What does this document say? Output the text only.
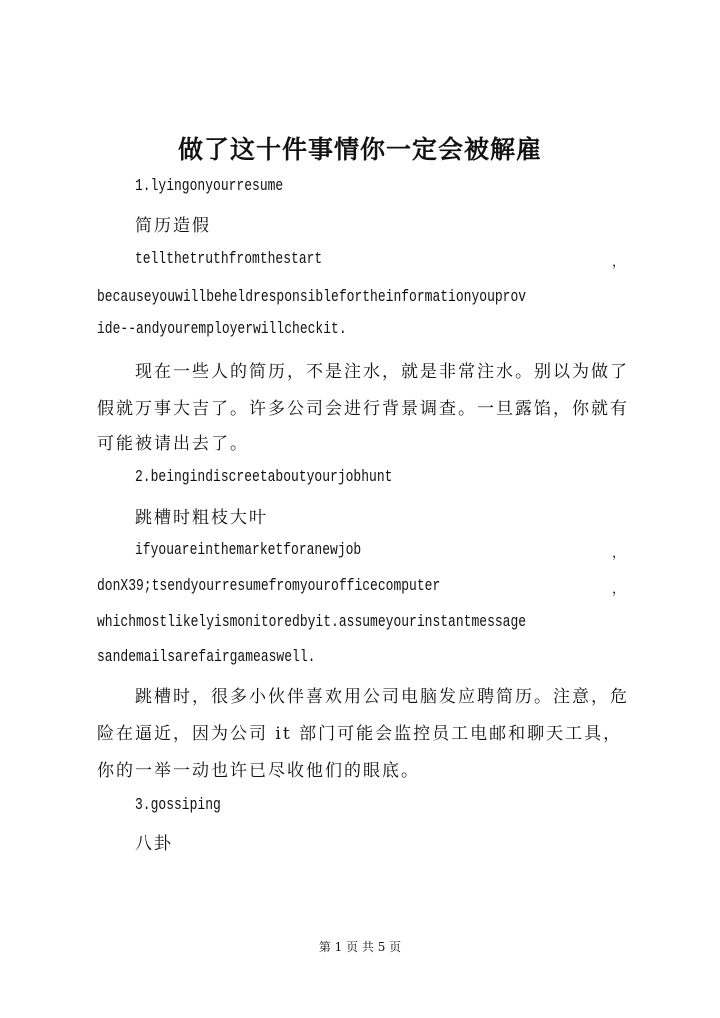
做了这十件事情你一定会被解雇
1.lyingonyourresume
简历造假
tellthetruthfromthestart	，
becauseyouwillbeheldresponsiblefortheinformationyouprov
ide--andyouremployerwillcheckit.
现在一些人的简历，不是注水，就是非常注水。别以为做了
假就万事大吉了。许多公司会进行背景调查。一旦露馅，你就有
可能被请出去了。
2.beingindiscreetaboutyourjobhunt
跳槽时粗枝大叶
ifyouareinthemarketforanewjob	，
donX39;tsendyourresumefromyourofficecomputer	，
whichmostlikelyismonitoredbyit.assumeyourinstantmessage
sandemailsarefairgameaswell.
跳槽时，很多小伙伴喜欢用公司电脑发应聘简历。注意，危
险在逼近，因为公司 it 部门可能会监控员工电邮和聊天工具，
你的一举一动也许已尽收他们的眼底。
3.gossiping
八卦
第 1 页 共 5 页
